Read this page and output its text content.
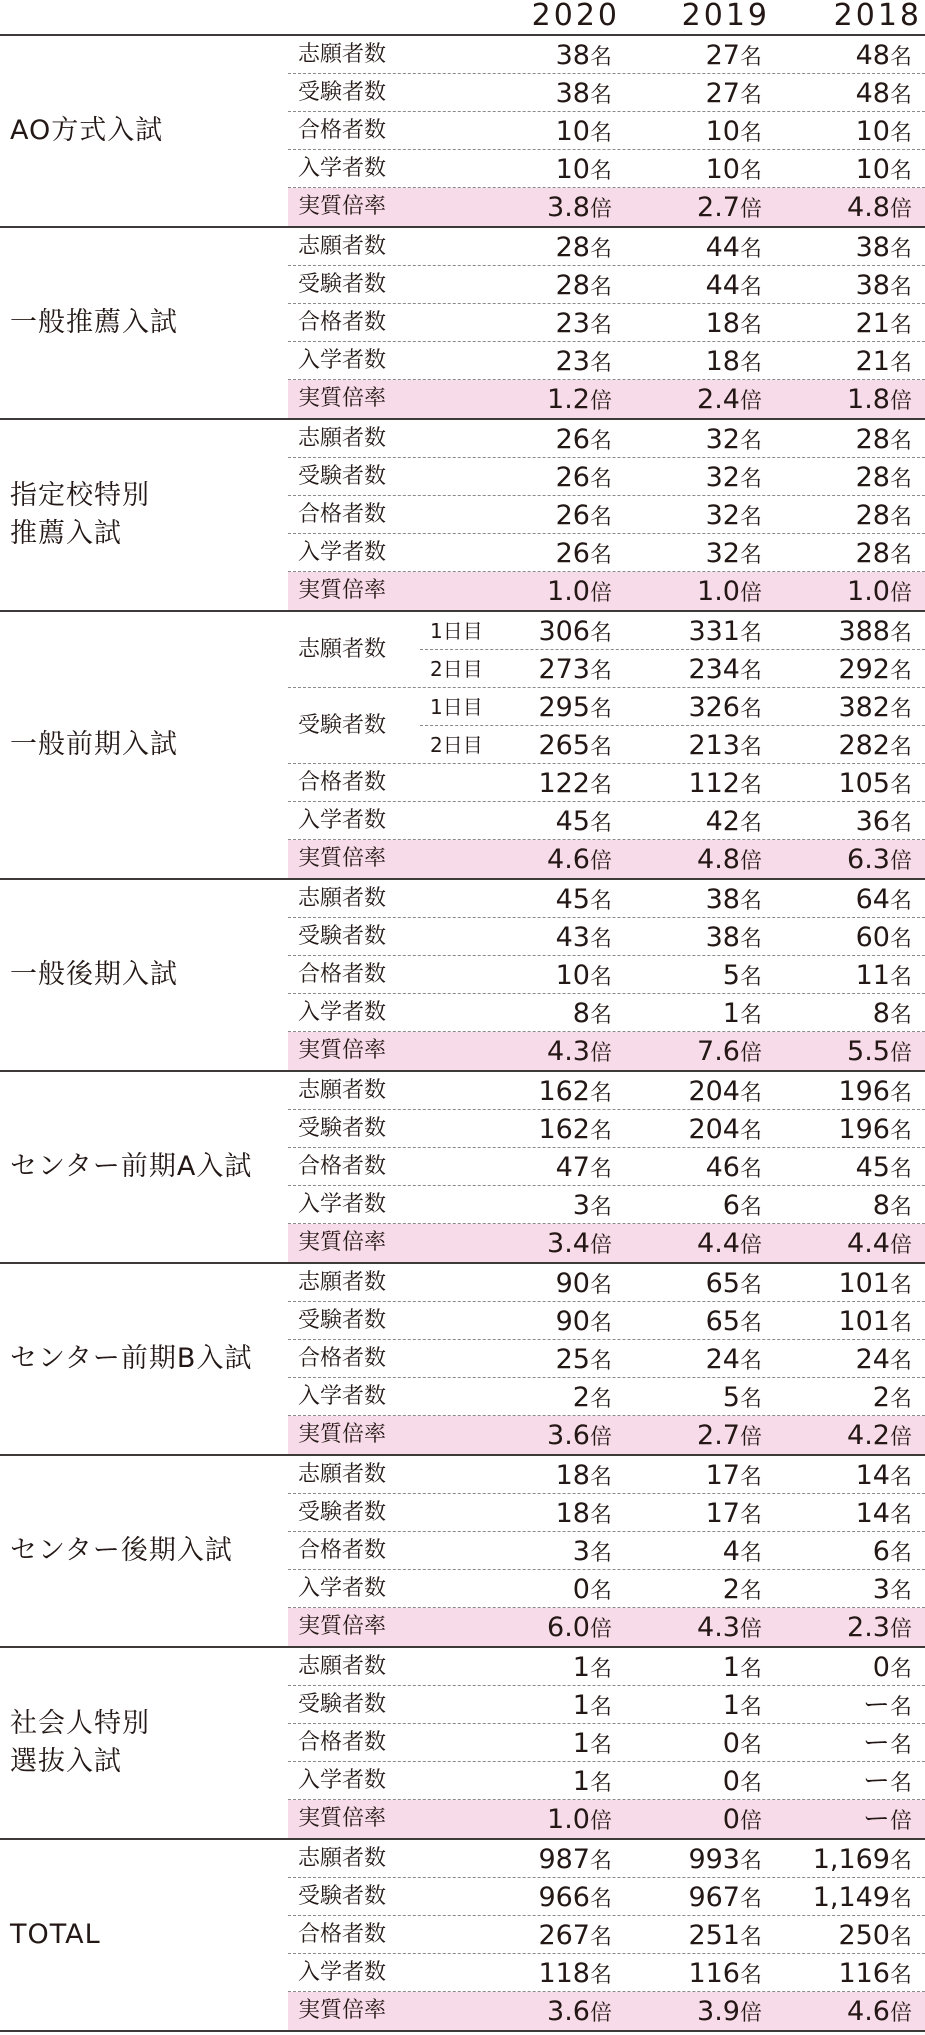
2020	2019	2018
AO方式入試
志願者数	38名	27名	48名
受験者数	38名	27名	48名
合格者数	10名	10名	10名
入学者数	10名	10名	10名
実質倍率	3.8倍	2.7倍	4.8倍
一般推薦入試
志願者数	28名	44名	38名
受験者数	28名	44名	38名
合格者数	23名	18名	21名
入学者数	23名	18名	21名
実質倍率	1.2倍	2.4倍	1.8倍
指定校特別
推薦入試
志願者数	26名	32名	28名
受験者数	26名	32名	28名
合格者数	26名	32名	28名
入学者数	26名	32名	28名
実質倍率	1.0倍	1.0倍	1.0倍
一般前期入試
志願者数
1日目 306名	331名	388名
2日目 273名	234名	292名
受験者数
1日目 295名	326名	382名
2日目 265名	213名	282名
合格者数	122名	112名	105名
入学者数	45名	42名	36名
実質倍率	4.6倍	4.8倍	6.3倍
一般後期入試
志願者数	45名	38名	64名
受験者数	43名	38名	60名
合格者数	10名	5名	11名
入学者数	8名	1名	8名
実質倍率	4.3倍	7.6倍	5.5倍
センター前期A入試
志願者数	162名	204名	196名
受験者数	162名	204名	196名
合格者数	47名	46名	45名
入学者数	3名	6名	8名
実質倍率	3.4倍	4.4倍	4.4倍
センター前期B入試
志願者数	90名	65名	101名
受験者数	90名	65名	101名
合格者数	25名	24名	24名
入学者数	2名	5名	2名
実質倍率	3.6倍	2.7倍	4.2倍
センター後期入試
志願者数	18名	17名	14名
受験者数	18名	17名	14名
合格者数	3名	4名	6名
入学者数	0名	2名	3名
実質倍率	6.0倍	4.3倍	2.3倍
社会人特別
選抜入試
志願者数	1名	1名	0名
受験者数	1名	1名	ー名
合格者数	1名	0名	ー名
入学者数	1名	0名	ー名
実質倍率	1.0倍	0倍	ー倍
TOTAL
志願者数	987名	993名 1,169名
受験者数	966名	967名 1,149名
合格者数	267名	251名	250名
入学者数	118名	116名	116名
実質倍率	3.6倍	3.9倍	4.6倍
